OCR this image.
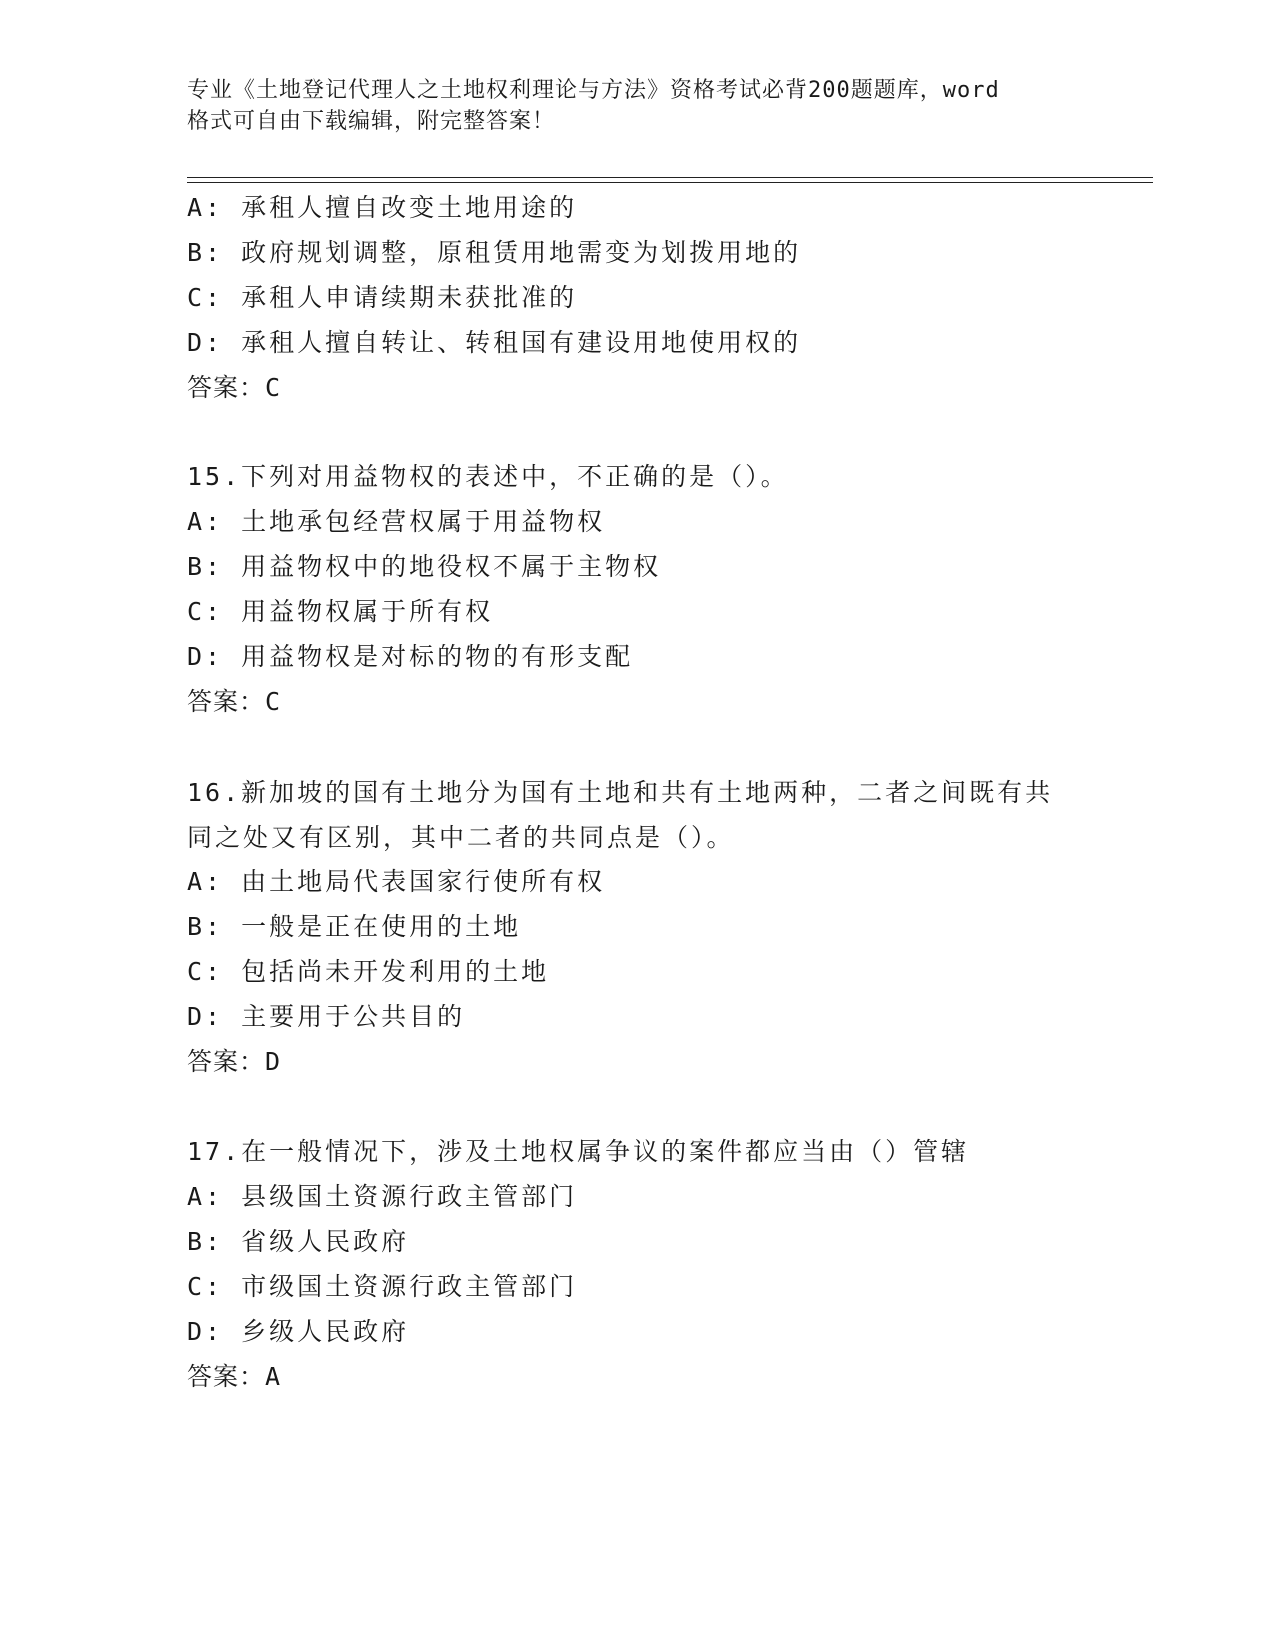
专业《土地登记代理人之土地权利理论与方法》资格考试必背200题题库，word
格式可自由下载编辑，附完整答案！
A: 承租人擅自改变土地用途的
B: 政府规划调整，原租赁用地需变为划拨用地的
C: 承租人申请续期未获批准的
D: 承租人擅自转让、转租国有建设用地使用权的
答案：C
15.下列对用益物权的表述中，不正确的是（）。
A: 土地承包经营权属于用益物权
B: 用益物权中的地役权不属于主物权
C: 用益物权属于所有权
D: 用益物权是对标的物的有形支配
答案：C
16.新加坡的国有土地分为国有土地和共有土地两种，二者之间既有共
同之处又有区别，其中二者的共同点是（）。
A: 由土地局代表国家行使所有权
B: 一般是正在使用的土地
C: 包括尚未开发利用的土地
D: 主要用于公共目的
答案：D
17.在一般情况下，涉及土地权属争议的案件都应当由（）管辖
A: 县级国土资源行政主管部门
B: 省级人民政府
C: 市级国土资源行政主管部门
D: 乡级人民政府
答案：A
